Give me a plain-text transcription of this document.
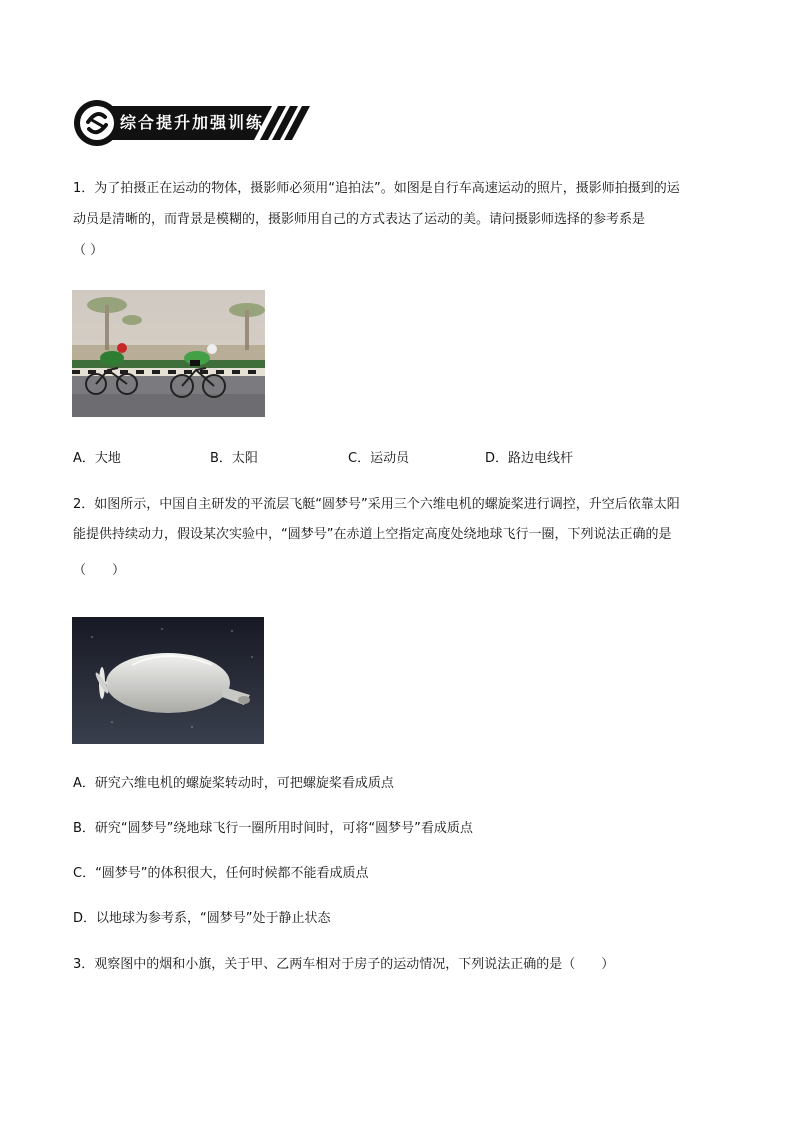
综合提升加强训练
1．为了拍摄正在运动的物体，摄影师必须用“追拍法”。如图是自行车高速运动的照片，摄影师拍摄到的运
动员是清晰的，而背景是模糊的，摄影师用自己的方式表达了运动的美。请问摄影师选择的参考系是
（ ）
A．大地	B．太阳	C．运动员	D．路边电线杆
2．如图所示，中国自主研发的平流层飞艇“圆梦号”采用三个六维电机的螺旋桨进行调控，升空后依靠太阳
能提供持续动力，假设某次实验中，“圆梦号”在赤道上空指定高度处绕地球飞行一圈，下列说法正确的是
（　　）
A．研究六维电机的螺旋桨转动时，可把螺旋桨看成质点
B．研究“圆梦号”绕地球飞行一圈所用时间时，可将“圆梦号”看成质点
C．“圆梦号”的体积很大，任何时候都不能看成质点
D．以地球为参考系，“圆梦号”处于静止状态
3．观察图中的烟和小旗，关于甲、乙两车相对于房子的运动情况，下列说法正确的是（　　）
